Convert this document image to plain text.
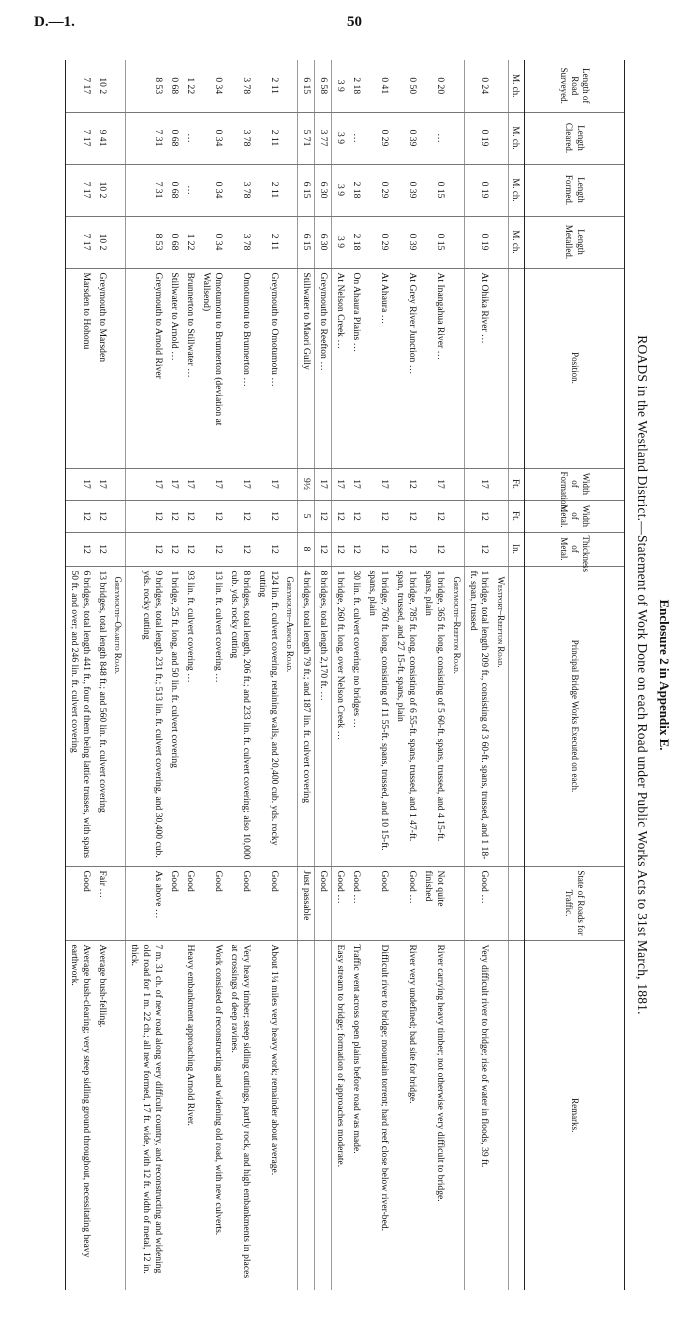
D.—1.	50
Enclosure 2 in Appendix E.
ROADS in the Westland District.—Statement of Work Done on each Road under Public Works Acts to 31st March, 1881.
Length of Road Surveyed.	Length Cleared.	Length Formed.	Length Metalled.	Position.	Width of Formation.	Width of Metal.	Thickness of Metal.	Principal Bridge Works Executed on each.	State of Roads for Traffic.	Remarks.
M. ch.	M. ch.	M. ch.	M. ch.		Ft.	Ft.	In.			
								Westport–Reefton Road.		
0 24	0 19	0 19	0 19	At Ohika River …	17	12	12	1 bridge, total length 209 ft., consisting of 3 60-ft. spans, trussed, and 1 18-ft. span, trussed	Good …	Very difficult river to bridge; rise of water in floods, 39 ft.
								Greymouth–Reefton Road.		
0 20	…	0 15	0 15	At Inangahua River …	17	12	12	1 bridge, 365 ft. long, consisting of 5 60-ft. spans, trussed, and 4 15-ft. spans, plain	Not quite finished	River carrying heavy timber; not otherwise very difficult to bridge.
0 50	0 39	0 39	0 39	At Grey River Junction …	12	12	12	1 bridge, 785 ft. long, consisting of 6 55-ft. spans, trussed, and 1 47-ft. span, trussed, and 27 15-ft. spans, plain	Good …	River very undefined; bad site for bridge.
0 41	0 29	0 29	0 29	At Ahaura …	17	12	12	1 bridge, 760 ft. long, consisting of 11 55-ft. spans, trussed, and 10 15-ft. spans, plain	Good	Difficult river to bridge; mountain torrent; hard reef close below river-bed.
2 18	…	2 18	2 18	On Ahaura Plains …	17	12	12	30 lin. ft. culvert covering; no bridges …	Good …	Traffic went across open plains before road was made.
3 9	3 9	3 9	3 9	At Nelson Creek …	17	12	12	1 bridge, 260 ft. long, over Nelson Creek …	Good …	Easy stream to bridge; formation of approaches moderate.
6 58	3 77	6 30	6 30	Greymouth to Reefton …	17	12	12	8 bridges, total length 2,170 ft. …	Good	
6 15	5 71	6 15	6 15	Stillwater to Maori Gully	9½	5	8	4 bridges, total length 79 ft.; and 187 lin. ft. culvert covering	Just passable	
								Greymouth–Arnold Road.		
2 11	2 11	2 11	2 11	Greymouth to Omotumotu …	17	12	12	124 lin. ft. culvert covering, retaining walls, and 20,400 cub. yds. rocky cutting	Good	About 1¼ miles very heavy work; remainder about average.
3 78	3 78	3 78	3 78	Omotumotu to Brunnerton …	17	12	12	8 bridges, total length, 206 ft.; and 233 lin. ft. culvert covering; also 10,000 cub. yds. rocky cutting	Good	Very heavy timber; steep sidling cuttings, partly rock, and high embankments in places at crossings of deep ravines.
0 34	0 34	0 34	0 34	Omotumotu to Brunnerton (deviation at Wallsend)	17	12	12	13 lin. ft. culvert covering …	Good	Work consisted of reconstructing and widening old road, with new culverts.
1 22	…	…	1 22	Brunnerton to Stillwater …	17	12	12	93 lin. ft. culvert covering …	Good	Heavy embankment approaching Arnold River.
0 68	0 68	0 68	0 68	Stillwater to Arnold …	17	12	12	1 bridge, 25 ft. long, and 50 lin. ft. culvert covering	Good	
8 53	7 31	7 31	8 53	Greymouth to Arnold River	17	12	12	9 bridges, total length 231 ft.; 513 lin. ft. culvert covering, and 30,400 cub. yds. rocky cutting	As above …	7 m. 31 ch. of new road along very difficult country, and reconstructing and widening old road for 1 m. 22 ch.; all new formed, 17 ft. wide, with 12 ft. width of metal, 12 in. thick.
								Greymouth–Okarito Road.		
10 2	9 41	10 2	10 2	Greymouth to Marsden	17	12	12	13 bridges, total length 848 ft.; and 560 lin. ft. culvert covering	Fair …	Average bush-felling.
7 17	7 17	7 17	7 17	Marsden to Hohonu	17	12	12	6 bridges, total length 441 ft., four of them being lattice trusses, with spans 50 ft. and over; and 246 lin. ft. culvert covering	Good	Average bush-clearing; very steep sidling ground throughout, necessitating heavy earthwork.
